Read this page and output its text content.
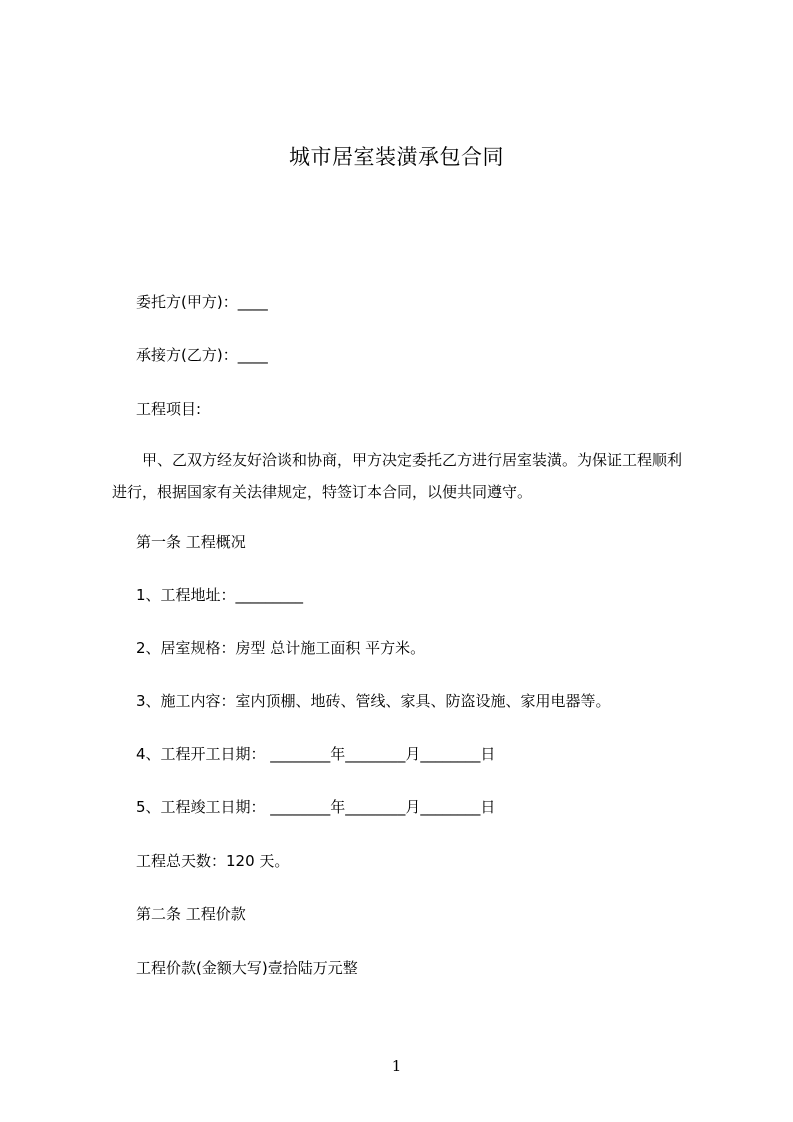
城市居室装潢承包合同
委托方(甲方)：____
承接方(乙方)：____
工程项目:
甲、乙双方经友好洽谈和协商，甲方决定委托乙方进行居室装潢。为保证工程顺利进行，根据国家有关法律规定，特签订本合同，以便共同遵守。
第一条 工程概况
1、工程地址：_________
2、居室规格：房型 总计施工面积 平方米。
3、施工内容：室内顶棚、地砖、管线、家具、防盗设施、家用电器等。
4、工程开工日期： ________年________月________日
5、工程竣工日期： ________年________月________日
工程总天数：120 天。
第二条 工程价款
工程价款(金额大写)壹拾陆万元整
1
